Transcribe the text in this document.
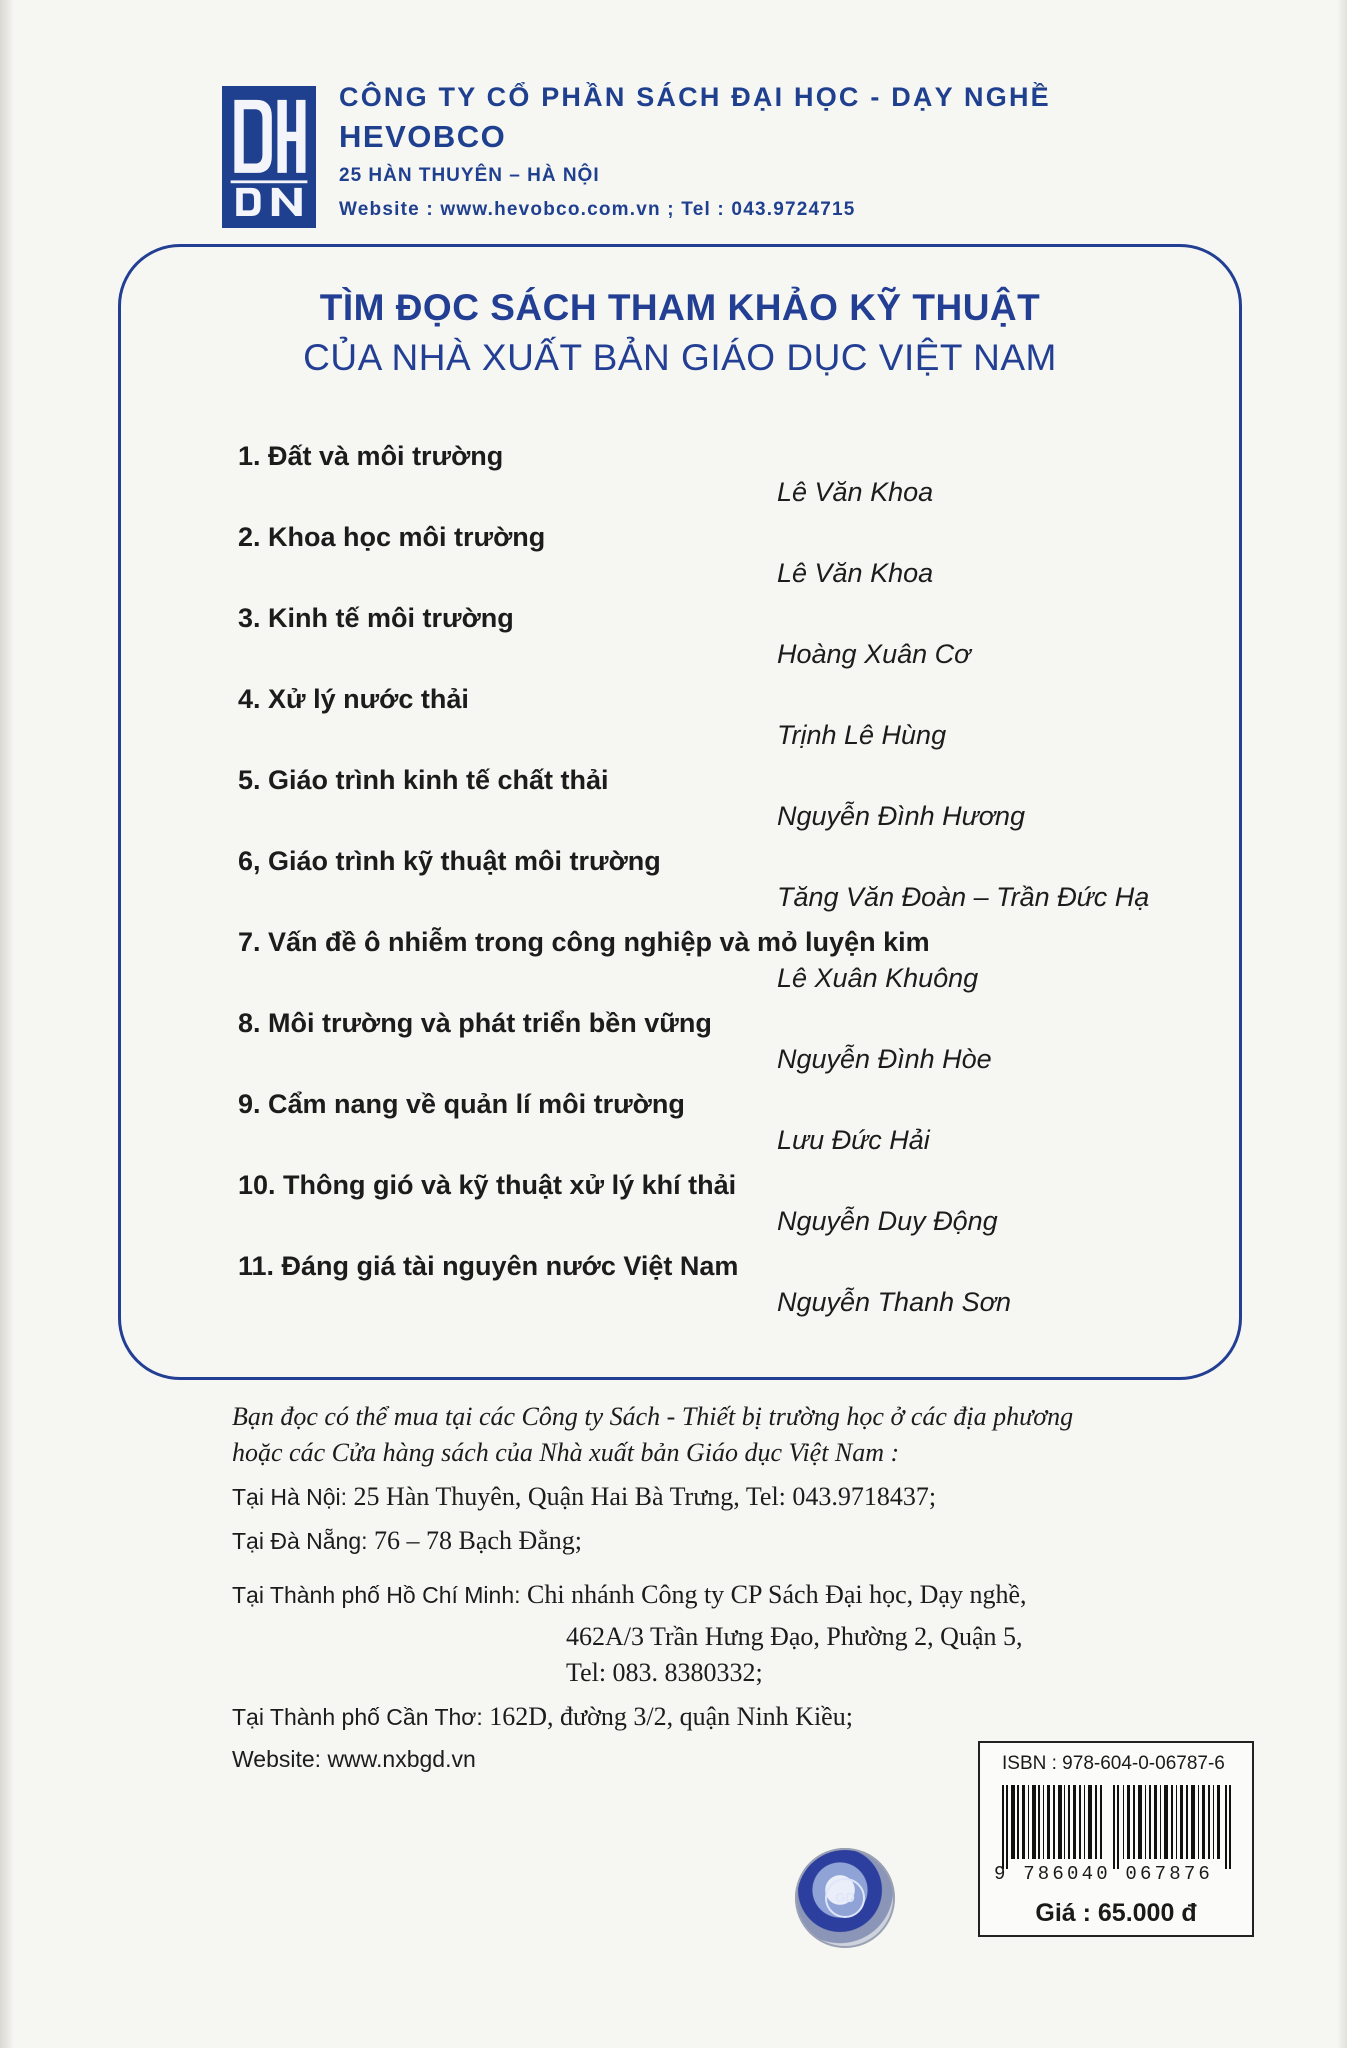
CÔNG TY CỔ PHẦN SÁCH ĐẠI HỌC - DẠY NGHỀ
HEVOBCO
25 HÀN THUYÊN – HÀ NỘI
Website : www.hevobco.com.vn ; Tel : 043.9724715
TÌM ĐỌC SÁCH THAM KHẢO KỸ THUẬT
CỦA NHÀ XUẤT BẢN GIÁO DỤC VIỆT NAM
1. Đất và môi trường
Lê Văn Khoa
2. Khoa học môi trường
Lê Văn Khoa
3. Kinh tế môi trường
Hoàng Xuân Cơ
4. Xử lý nước thải
Trịnh Lê Hùng
5. Giáo trình kinh tế chất thải
Nguyễn Đình Hương
6, Giáo trình kỹ thuật môi trường
Tăng Văn Đoàn – Trần Đức Hạ
7. Vấn đề ô nhiễm trong công nghiệp và mỏ luyện kim
Lê Xuân Khuông
8. Môi trường và phát triển bền vững
Nguyễn Đình Hòe
9. Cẩm nang về quản lí môi trường
Lưu Đức Hải
10. Thông gió và kỹ thuật xử lý khí thải
Nguyễn Duy Động
11. Đáng giá tài nguyên nước Việt Nam
Nguyễn Thanh Sơn
Bạn đọc có thể mua tại các Công ty Sách - Thiết bị trường học ở các địa phương
hoặc các Cửa hàng sách của Nhà xuất bản Giáo dục Việt Nam :
Tại Hà Nội: 25 Hàn Thuyên, Quận Hai Bà Trưng, Tel: 043.9718437;
Tại Đà Nẵng: 76 – 78 Bạch Đằng;
Tại Thành phố Hồ Chí Minh: Chi nhánh Công ty CP Sách Đại học, Dạy nghề,
462A/3 Trần Hưng Đạo, Phường 2, Quận 5,
Tel: 083. 8380332;
Tại Thành phố Cần Thơ: 162D, đường 3/2, quận Ninh Kiều;
Website: www.nxbgd.vn
GD
ISBN : 978-604-0-06787-6
9 786040 067876
Giá : 65.000 đ
